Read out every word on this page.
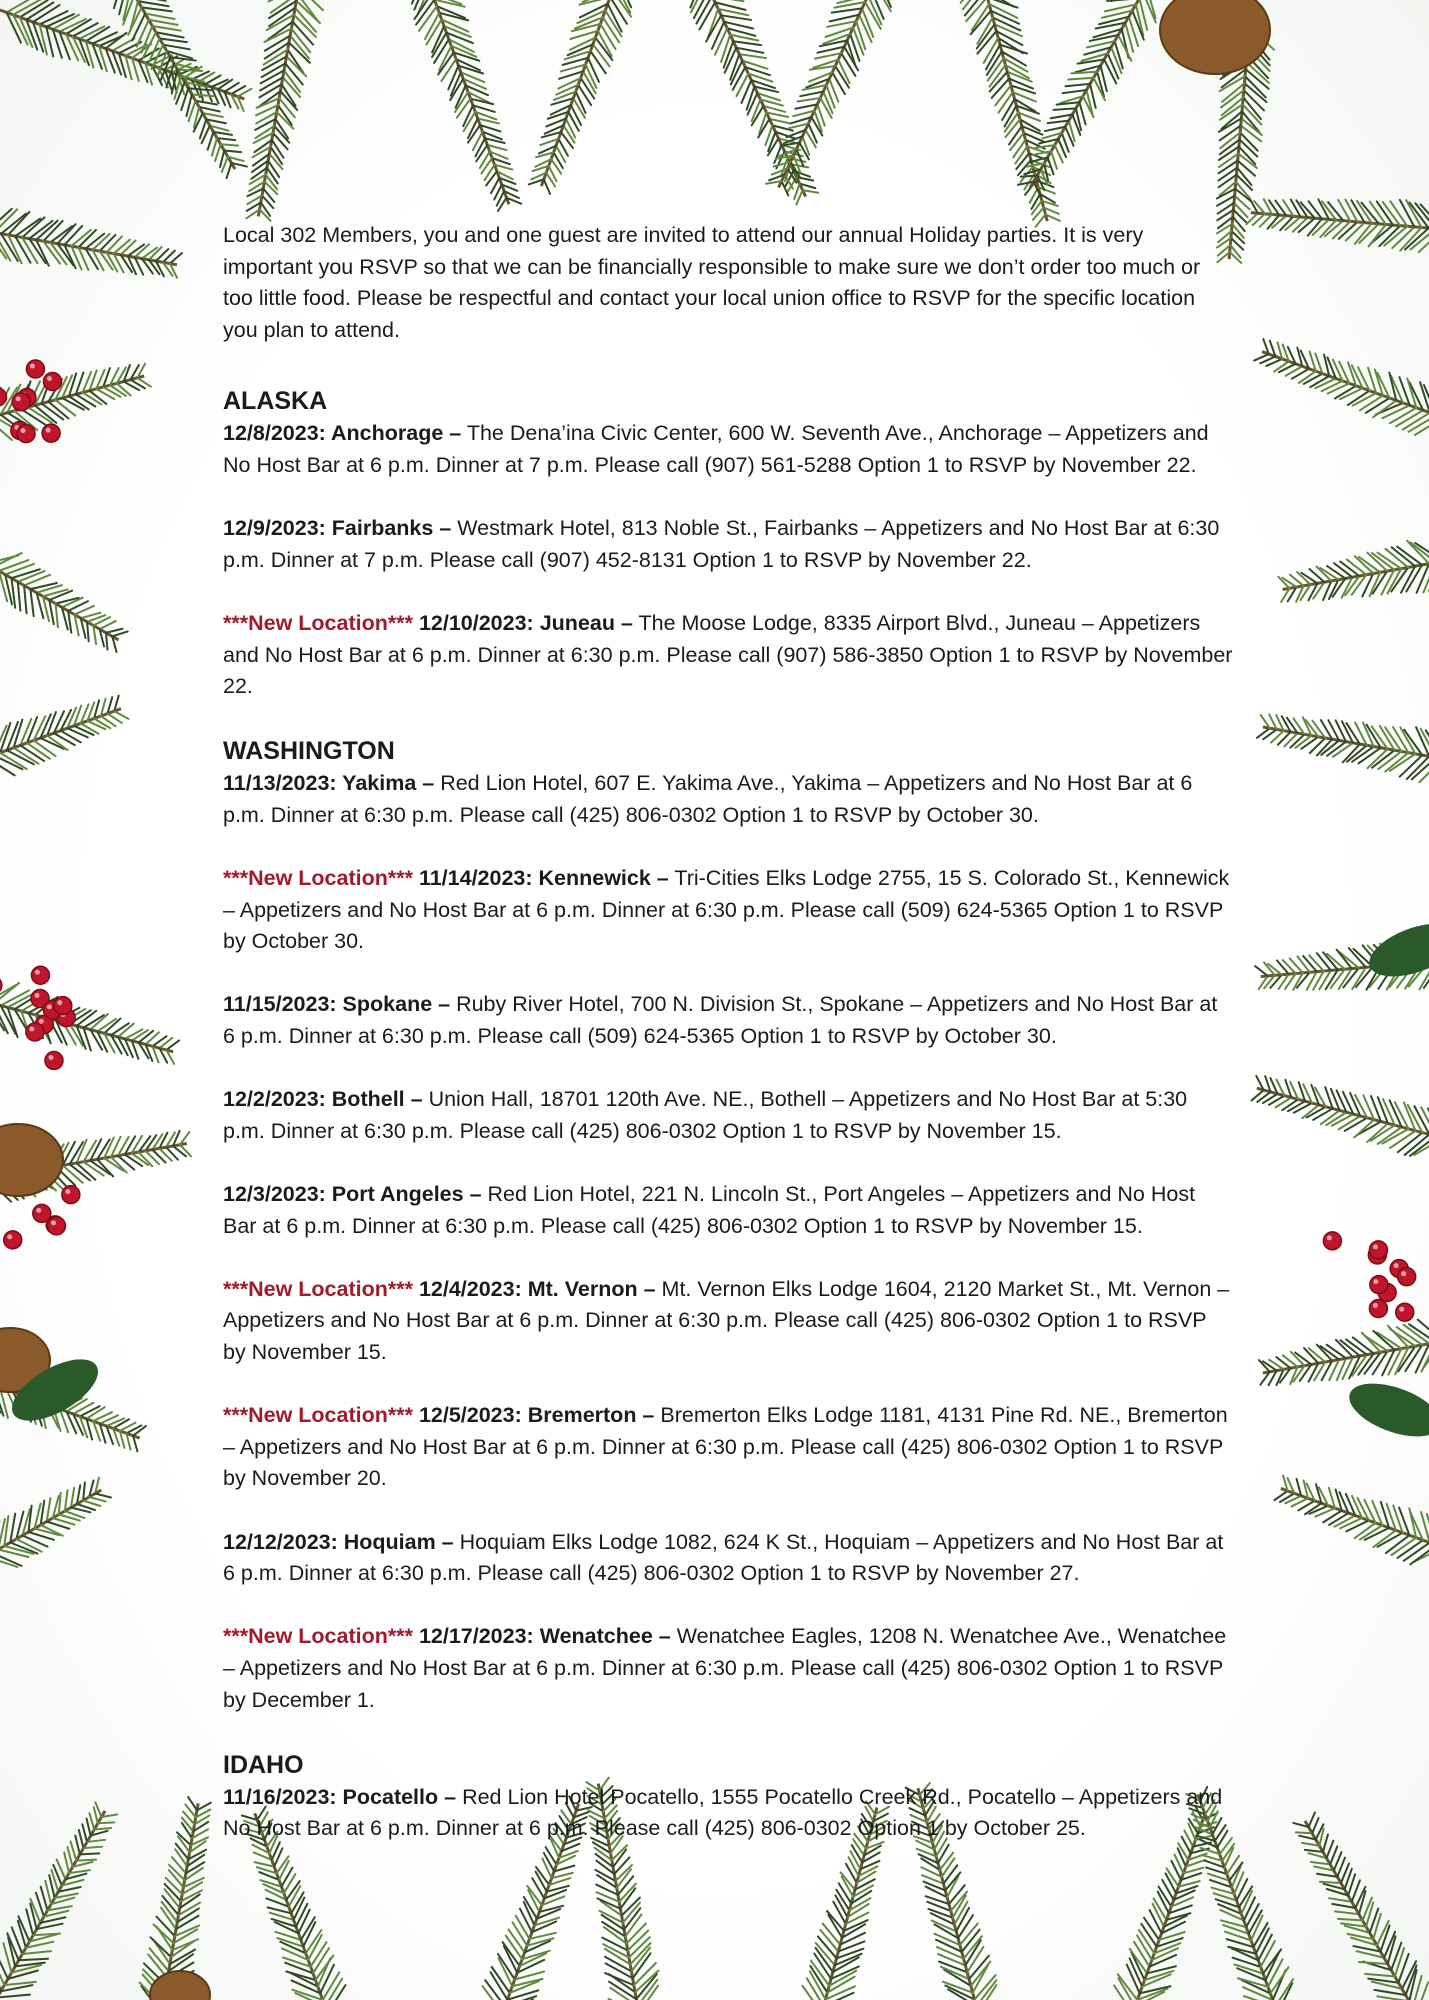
Local 302 Members, you and one guest are invited to attend our annual Holiday parties. It is very important you RSVP so that we can be financially responsible to make sure we don’t order too much or too little food. Please be respectful and contact your local union office to RSVP for the specific location you plan to attend.

ALASKA

12/8/2023: Anchorage – The Dena’ina Civic Center, 600 W. Seventh Ave., Anchorage – Appetizers and No Host Bar at 6 p.m. Dinner at 7 p.m. Please call (907) 561-5288 Option 1 to RSVP by November 22.

12/9/2023: Fairbanks – Westmark Hotel, 813 Noble St., Fairbanks – Appetizers and No Host Bar at 6:30 p.m. Dinner at 7 p.m. Please call (907) 452-8131 Option 1 to RSVP by November 22.

***New Location*** 12/10/2023: Juneau – The Moose Lodge, 8335 Airport Blvd., Juneau – Appetizers and No Host Bar at 6 p.m. Dinner at 6:30 p.m. Please call (907) 586-3850 Option 1 to RSVP by November 22.

WASHINGTON

11/13/2023: Yakima – Red Lion Hotel, 607 E. Yakima Ave., Yakima – Appetizers and No Host Bar at 6 p.m. Dinner at 6:30 p.m. Please call (425) 806-0302 Option 1 to RSVP by October 30.

***New Location*** 11/14/2023: Kennewick – Tri-Cities Elks Lodge 2755, 15 S. Colorado St., Kennewick – Appetizers and No Host Bar at 6 p.m. Dinner at 6:30 p.m. Please call (509) 624-5365 Option 1 to RSVP by October 30.

11/15/2023: Spokane – Ruby River Hotel, 700 N. Division St., Spokane – Appetizers and No Host Bar at 6 p.m. Dinner at 6:30 p.m. Please call (509) 624-5365 Option 1 to RSVP by October 30.

12/2/2023: Bothell – Union Hall, 18701 120th Ave. NE., Bothell – Appetizers and No Host Bar at 5:30 p.m. Dinner at 6:30 p.m. Please call (425) 806-0302 Option 1 to RSVP by November 15.

12/3/2023: Port Angeles – Red Lion Hotel, 221 N. Lincoln St., Port Angeles – Appetizers and No Host Bar at 6 p.m. Dinner at 6:30 p.m. Please call (425) 806-0302 Option 1 to RSVP by November 15.

***New Location*** 12/4/2023: Mt. Vernon – Mt. Vernon Elks Lodge 1604, 2120 Market St., Mt. Vernon – Appetizers and No Host Bar at 6 p.m. Dinner at 6:30 p.m. Please call (425) 806-0302 Option 1 to RSVP by November 15.

***New Location*** 12/5/2023: Bremerton – Bremerton Elks Lodge 1181, 4131 Pine Rd. NE., Bremerton – Appetizers and No Host Bar at 6 p.m. Dinner at 6:30 p.m. Please call (425) 806-0302 Option 1 to RSVP by November 20.

12/12/2023: Hoquiam – Hoquiam Elks Lodge 1082, 624 K St., Hoquiam – Appetizers and No Host Bar at 6 p.m. Dinner at 6:30 p.m. Please call (425) 806-0302 Option 1 to RSVP by November 27.

***New Location*** 12/17/2023: Wenatchee – Wenatchee Eagles, 1208 N. Wenatchee Ave., Wenatchee – Appetizers and No Host Bar at 6 p.m. Dinner at 6:30 p.m. Please call (425) 806-0302 Option 1 to RSVP by December 1.

IDAHO

11/16/2023: Pocatello – Red Lion Hotel Pocatello, 1555 Pocatello Creek Rd., Pocatello – Appetizers and No Host Bar at 6 p.m. Dinner at 6 p.m. Please call (425) 806-0302 Option 1 by October 25.
